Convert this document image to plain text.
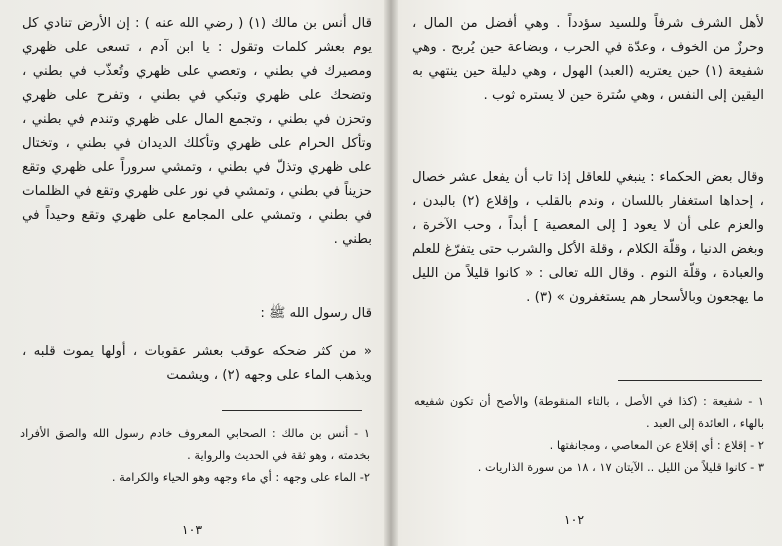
قال أنس بن مالك (١) ( رضي الله عنه ) : إن الأرض تنادي كل يوم بعشر كلمات وتقول : يا ابن آدم ، تسعى على ظهري ومصيرك في بطني ، وتعصي على ظهري وتُعذّب في بطني ، وتضحك على ظهري وتبكي في بطني ، وتفرح على ظهري وتحزن في بطني ، وتجمع المال على ظهري وتندم في بطني ، وتأكل الحرام على ظهري وتأكلك الديدان في بطني ، وتختال على ظهري وتذلّ في بطني ، وتمشي سروراً على ظهري وتقع حزيناً في بطني ، وتمشي في نور على ظهري وتقع في الظلمات في بطني ، وتمشي على المجامع على ظهري وتقع وحيداً في بطني .
قال رسول الله ﷺ :
« من كثر ضحكه عوقب بعشر عقوبات ، أولها يموت قلبه ، ويذهب الماء على وجهه (٢) ، ويشمت
١ - أنس بن مالك : الصحابي المعروف خادم رسول الله والصق الأفراد بخدمته ، وهو ثقة في الحديث والرواية .
٢- الماء على وجهه : أي ماء وجهه وهو الحياء والكرامة .
١٠٣
لأهل الشرف شرفاً وللسيد سؤدداً . وهي أفضل من المال ، وحرزٌ من الخوف ، وعدّة في الحرب ، وبضاعة حين يُربح . وهي شفيعة (١) حين يعتريه (العبد) الهول ، وهي دليلة حين ينتهي به اليقين إلى النفس ، وهي سُترة حين لا يستره ثوب .
وقال بعض الحكماء : ينبغي للعاقل إذا تاب أن يفعل عشر خصال ، إحداها استغفار باللسان ، وندم بالقلب ، وإقلاع (٢) بالبدن ، والعزم على أن لا يعود [ إلى المعصية ] أبداً ، وحب الآخرة ، وبغض الدنيا ، وقلّة الكلام ، وقلة الأكل والشرب حتى يتفرّغ للعلم والعبادة ، وقلّة النوم . وقال الله تعالى : « كانوا قليلاً من الليل ما يهجعون وبالأسحار هم يستغفرون » (٣) .
١ - شفيعة : (كذا في الأصل ، بالتاء المنقوطة) والأصح أن تكون شفيعه بالهاء ، العائدة إلى العبد .
٢ - إقلاع : أي إقلاع عن المعاصي ، ومجانفتها .
٣ - كانوا قليلاً من الليل .. الآيتان ١٧ ، ١٨ من سورة الذاريات .
١٠٢
